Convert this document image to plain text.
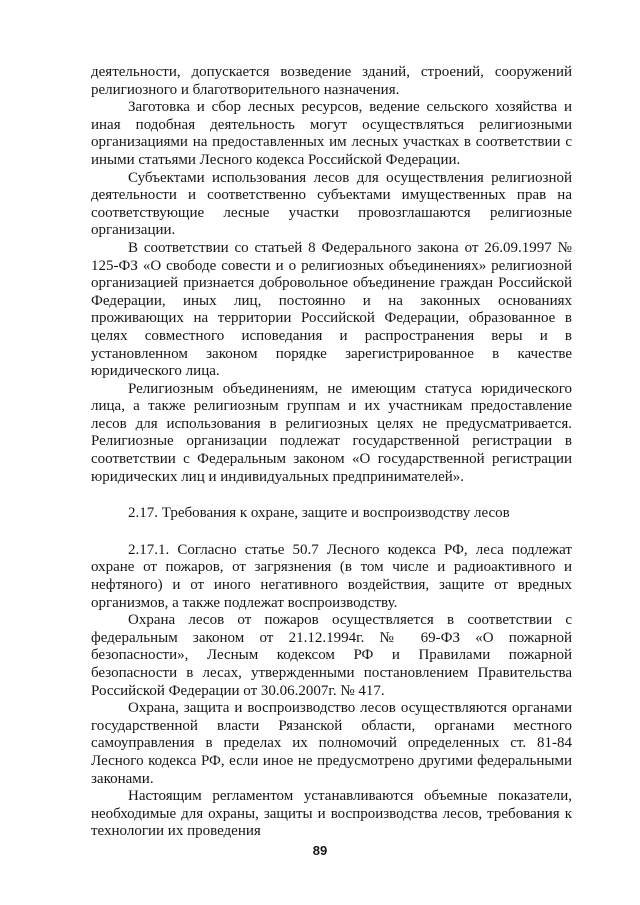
деятельности, допускается возведение зданий, строений, сооружений религиозного и благотворительного назначения.

Заготовка и сбор лесных ресурсов, ведение сельского хозяйства и иная подобная деятельность могут осуществляться религиозными организациями на предоставленных им лесных участках в соответствии с иными статьями Лесного кодекса Российской Федерации.

Субъектами использования лесов для осуществления религиозной деятельности и соответственно субъектами имущественных прав на соответствующие лесные участки провозглашаются религиозные организации.

В соответствии со статьей 8 Федерального закона от 26.09.1997 № 125-ФЗ «О свободе совести и о религиозных объединениях» религиозной организацией признается добровольное объединение граждан Российской Федерации, иных лиц, постоянно и на законных основаниях проживающих на территории Российской Федерации, образованное в целях совместного исповедания и распространения веры и в установленном законом порядке зарегистрированное в качестве юридического лица.

Религиозным объединениям, не имеющим статуса юридического лица, а также религиозным группам и их участникам предоставление лесов для использования в религиозных целях не предусматривается. Религиозные организации подлежат государственной регистрации в соответствии с Федеральным законом «О государственной регистрации юридических лиц и индивидуальных предпринимателей».

2.17. Требования к охране, защите и воспроизводству лесов

2.17.1. Согласно статье 50.7 Лесного кодекса РФ, леса подлежат охране от пожаров, от загрязнения (в том числе и радиоактивного и нефтяного) и от иного негативного воздействия, защите от вредных организмов, а также подлежат воспроизводству.

Охрана лесов от пожаров осуществляется в соответствии с федеральным законом от 21.12.1994г. № 69-ФЗ «О пожарной безопасности», Лесным кодексом РФ и Правилами пожарной безопасности в лесах, утвержденными постановлением Правительства Российской Федерации от 30.06.2007г. № 417.

Охрана, защита и воспроизводство лесов осуществляются органами государственной власти Рязанской области, органами местного самоуправления в пределах их полномочий определенных ст. 81-84 Лесного кодекса РФ, если иное не предусмотрено другими федеральными законами.

Настоящим регламентом устанавливаются объемные показатели, необходимые для охраны, защиты и воспроизводства лесов, требования к технологии их проведения

89
